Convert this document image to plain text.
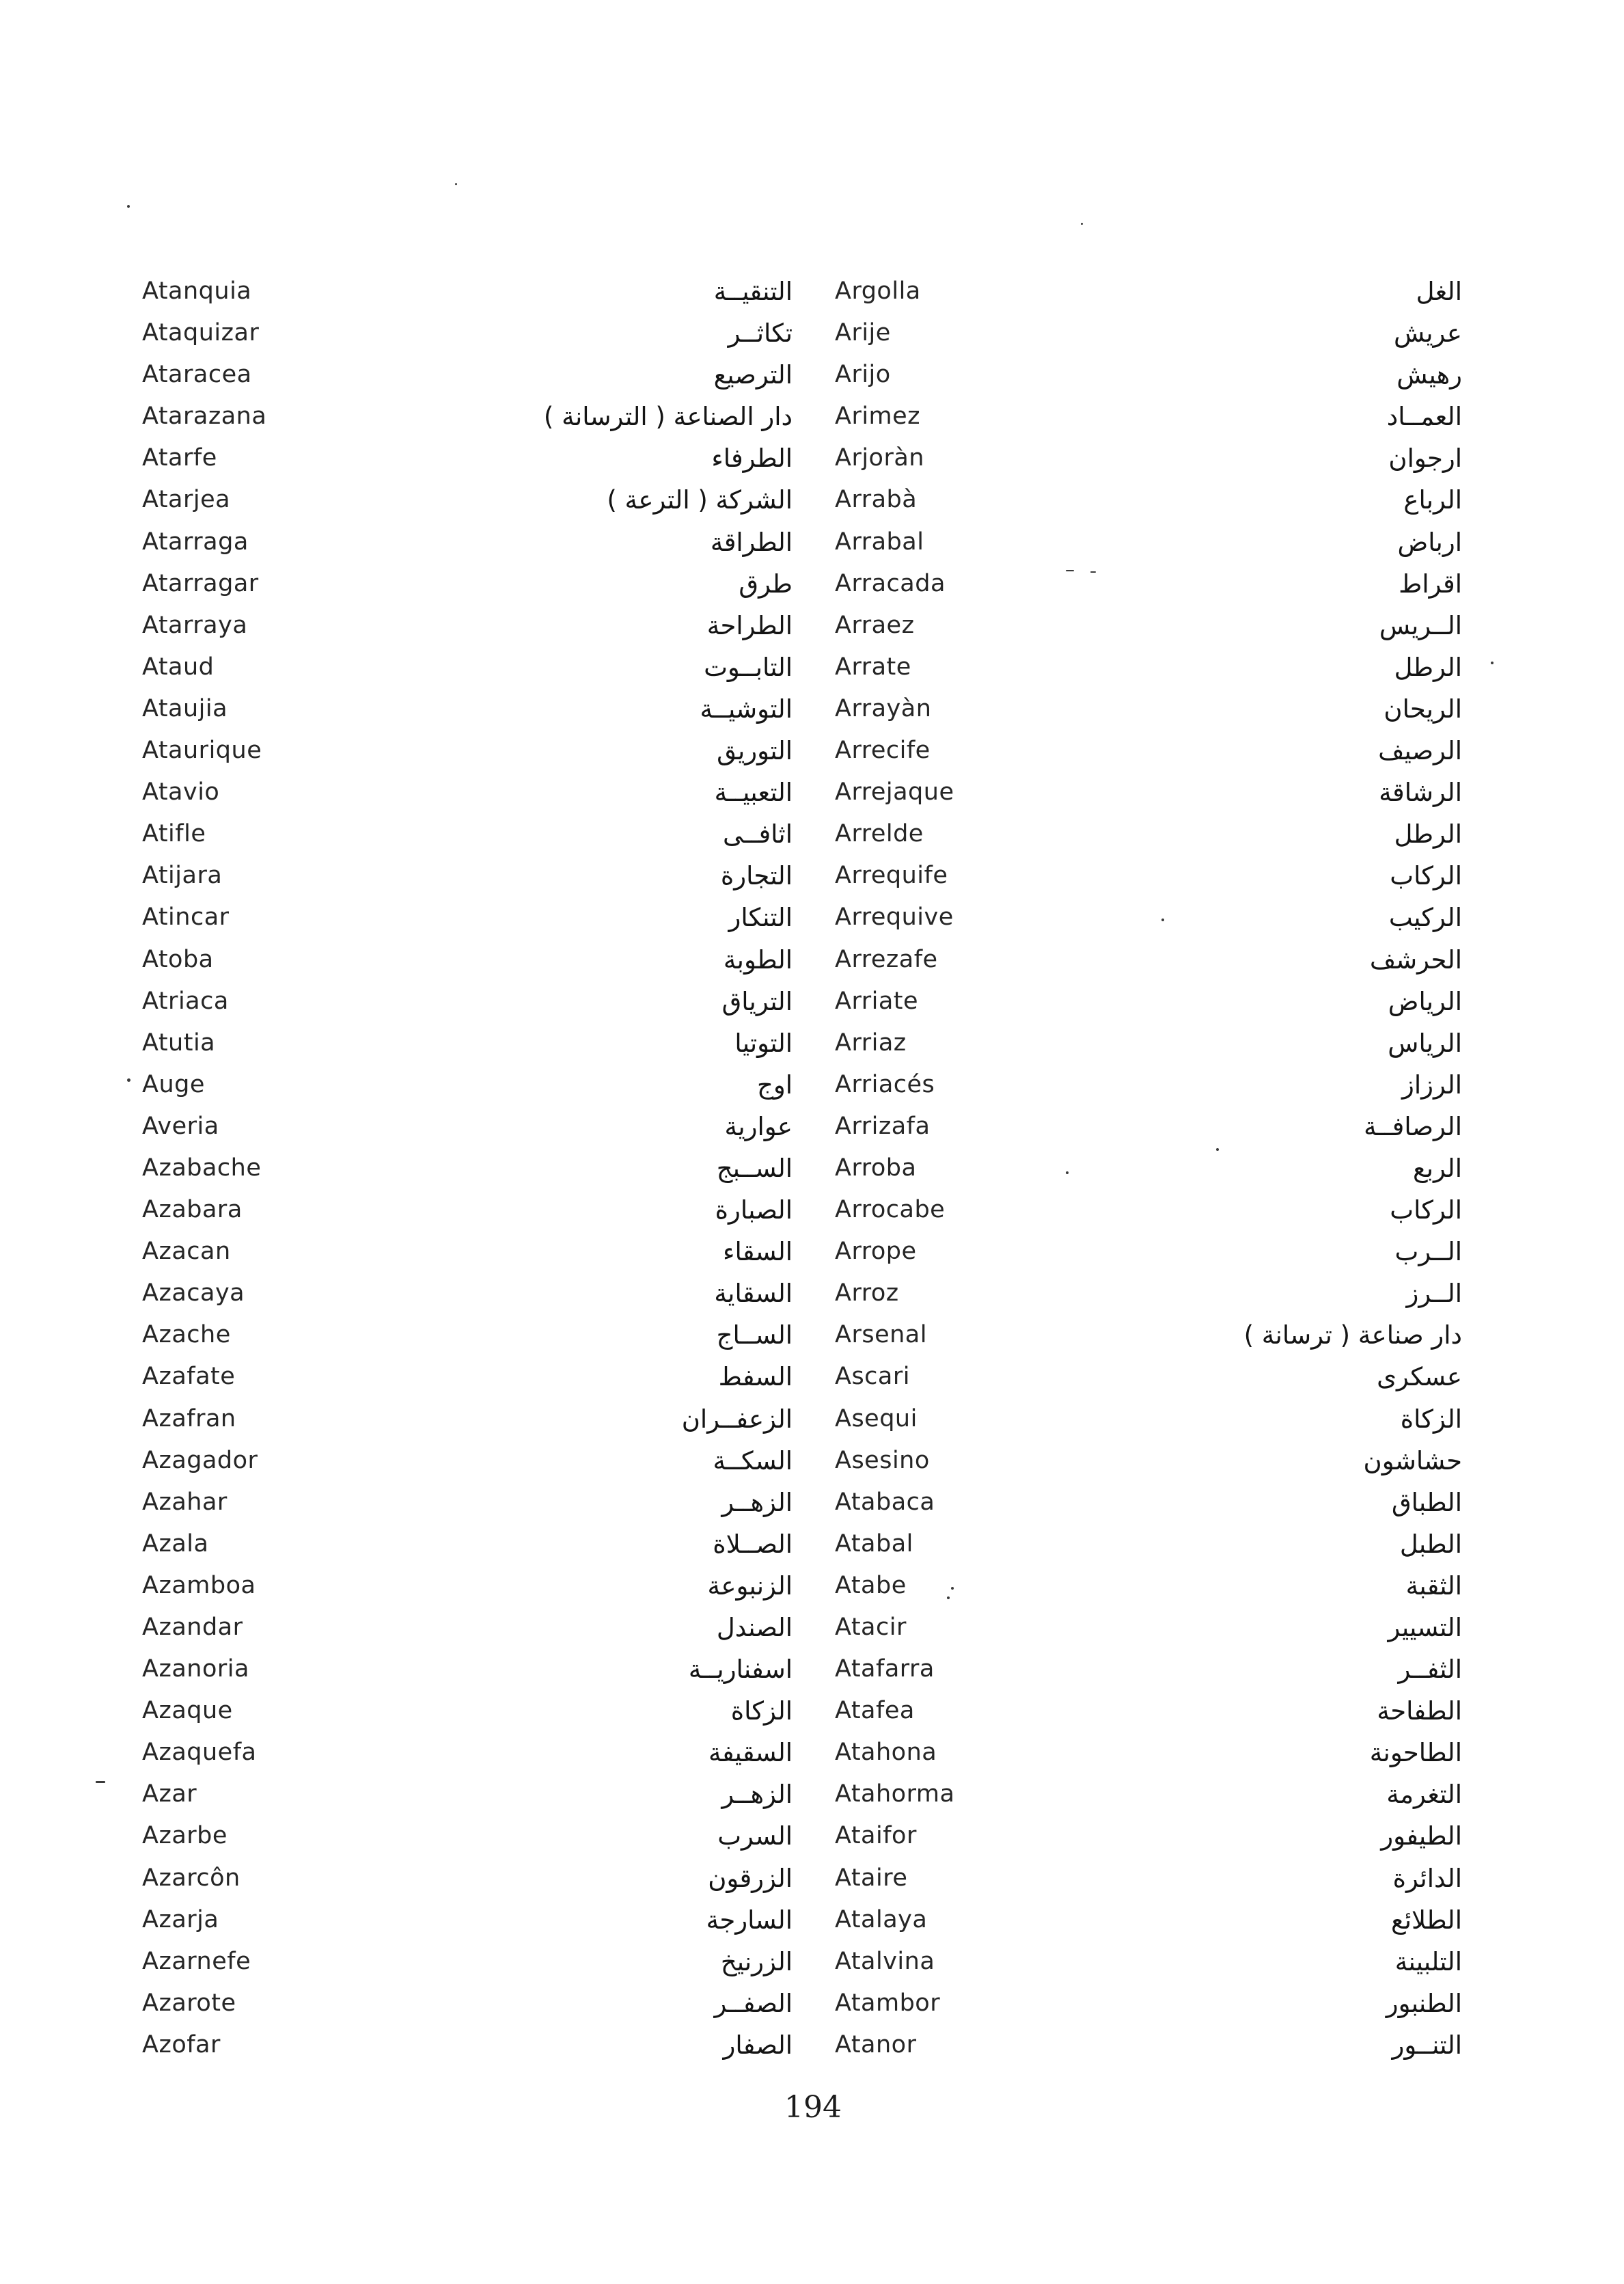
Atanquia
Ataquizar
Ataracea
Atarazana
Atarfe
Atarjea
Atarraga
Atarragar
Atarraya
Ataud
Ataujia
Ataurique
Atavio
Atifle
Atijara
Atincar
Atoba
Atriaca
Atutia
Auge
Averia
Azabache
Azabara
Azacan
Azacaya
Azache
Azafate
Azafran
Azagador
Azahar
Azala
Azamboa
Azandar
Azanoria
Azaque
Azaquefa
Azar
Azarbe
Azarcôn
Azarja
Azarnefe
Azarote
Azofar
التنقيــة
تكاثــر
الترصيع
دار الصناعة ( الترسانة )
الطرفاء
الشركة ( الترعة )
الطراقة
طرق
الطراحة
التابــوت
التوشيــة
التوريق
التعبيــة
اثافــى
التجارة
التنكار
الطوبة
الترياق
التوتيا
اوج
عوارية
الســبج
الصبارة
السقاء
السقاية
الســاج
السفط
الزعفــران
السكــة
الزهــر
الصــلاة
الزنبوعة
الصندل
اسفناريــة
الزكاة
السقيفة
الزهــر
السرب
الزرقون
السارجة
الزرنيخ
الصفــر
الصفار
Argolla
Arije
Arijo
Arimez
Arjoràn
Arrabà
Arrabal
Arracada
Arraez
Arrate
Arrayàn
Arrecife
Arrejaque
Arrelde
Arrequife
Arrequive
Arrezafe
Arriate
Arriaz
Arriacés
Arrizafa
Arroba
Arrocabe
Arrope
Arroz
Arsenal
Ascari
Asequi
Asesino
Atabaca
Atabal
Atabe
Atacir
Atafarra
Atafea
Atahona
Atahorma
Ataifor
Ataire
Atalaya
Atalvina
Atambor
Atanor
الغل
عريش
رهيش
العمــاد
ارجوان
الرباع
ارباض
اقراط
الــريس
الرطل
الريحان
الرصيف
الرشاقة
الرطل
الركاب
الركيب
الحرشف
الرياض
الرياس
الرزاز
الرصافــة
الربع
الركاب
الــرب
الــرز
دار صناعة ( ترسانة )
عسكرى
الزكاة
حشاشون
الطباق
الطبل
الثقبة
التسيير
الثفــر
الطفاحة
الطاحونة
التغرمة
الطيفور
الدائرة
الطلائع
التلبينة
الطنبور
التنــور
194
